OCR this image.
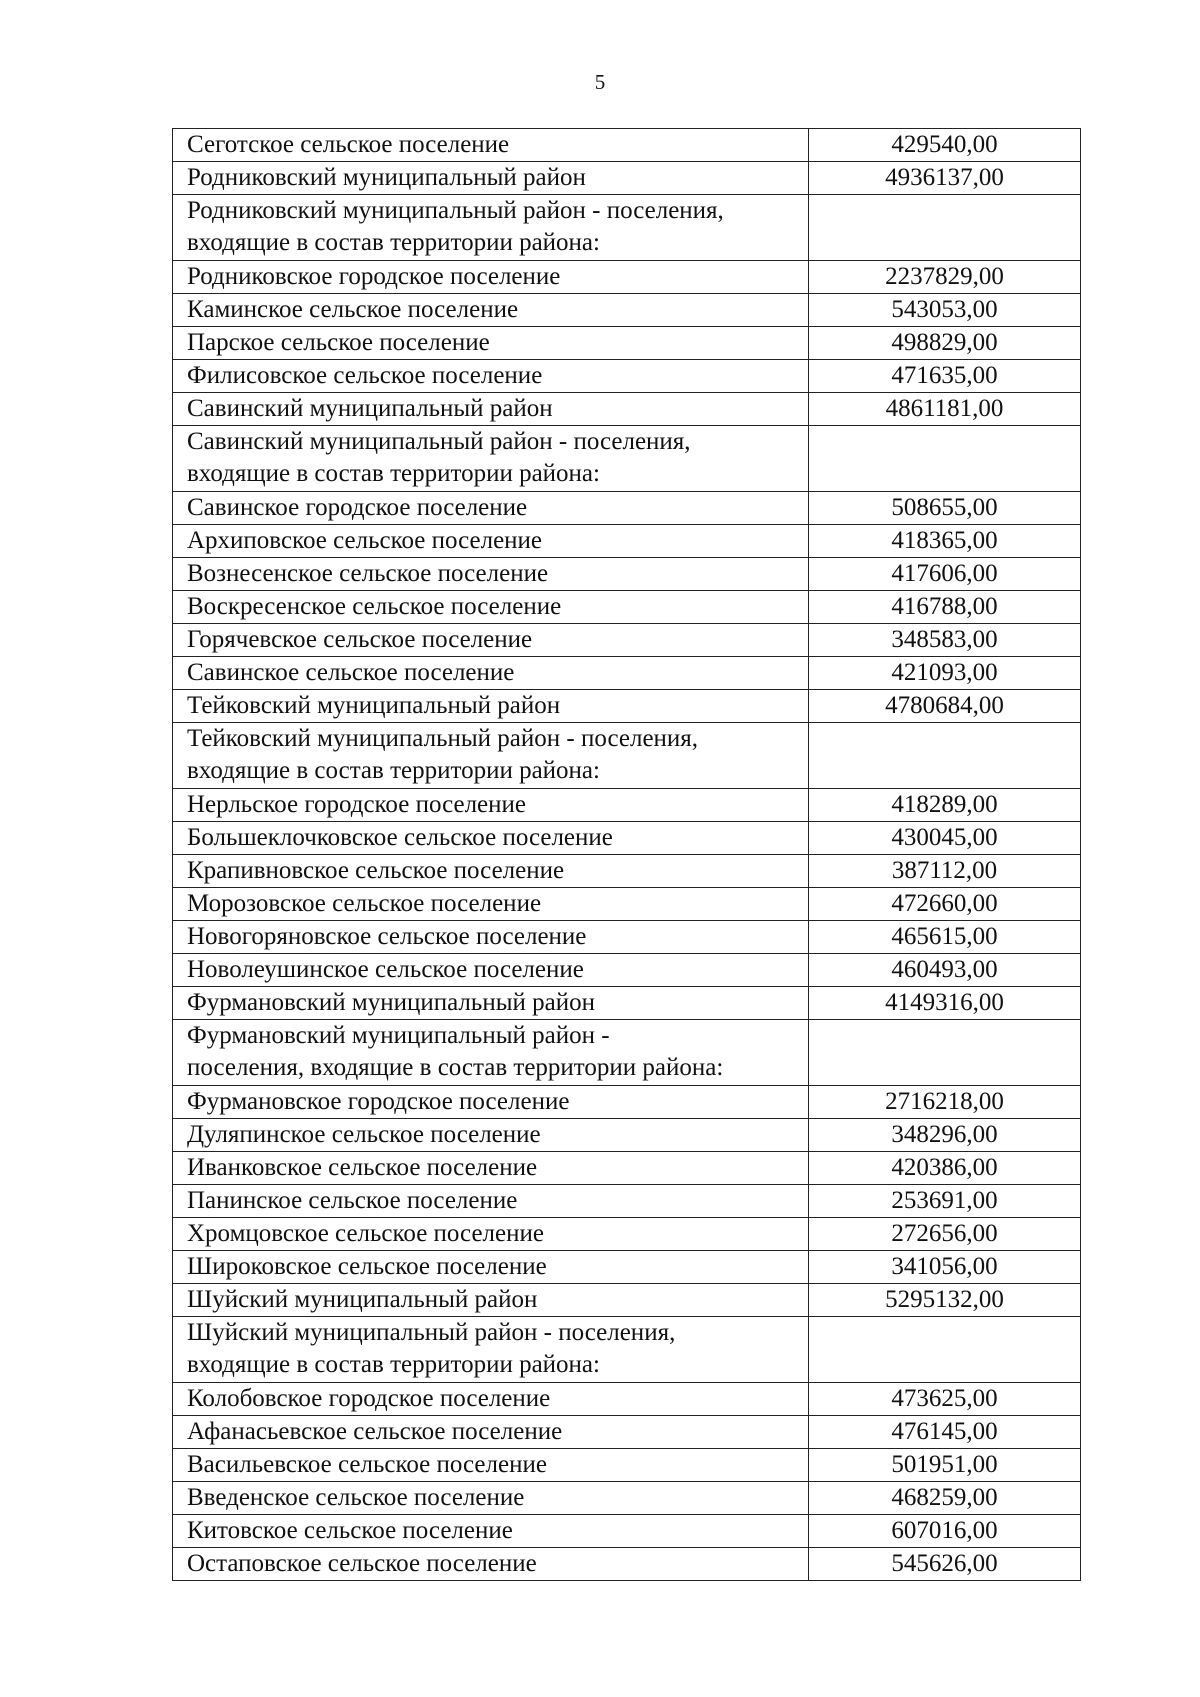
5
Сеготское сельское поселение	429540,00
Родниковский муниципальный район	4936137,00

Родниковский муниципальный район - поселения,
входящие в состав территории района:	

Родниковское городское поселение	2237829,00
Каминское сельское поселение	543053,00
Парское сельское поселение	498829,00
Филисовское сельское поселение	471635,00
Савинский муниципальный район	4861181,00

Савинский муниципальный район - поселения,
входящие в состав территории района:	

Савинское городское поселение	508655,00
Архиповское сельское поселение	418365,00
Вознесенское сельское поселение	417606,00
Воскресенское сельское поселение	416788,00
Горячевское сельское поселение	348583,00
Савинское сельское поселение	421093,00
Тейковский муниципальный район	4780684,00

Тейковский муниципальный район - поселения,
входящие в состав территории района:	

Нерльское городское поселение	418289,00
Большеклочковское сельское поселение	430045,00
Крапивновское сельское поселение	387112,00
Морозовское сельское поселение	472660,00
Новогоряновское сельское поселение	465615,00
Новолеушинское сельское поселение	460493,00
Фурмановский муниципальный район	4149316,00

Фурмановский муниципальный район -
поселения, входящие в состав территории района:	

Фурмановское городское поселение	2716218,00
Дуляпинское сельское поселение	348296,00
Иванковское сельское поселение	420386,00
Панинское сельское поселение	253691,00
Хромцовское сельское поселение	272656,00
Широковское сельское поселение	341056,00
Шуйский муниципальный район	5295132,00

Шуйский муниципальный район - поселения,
входящие в состав территории района:	

Колобовское городское поселение	473625,00
Афанасьевское сельское поселение	476145,00
Васильевское сельское поселение	501951,00
Введенское сельское поселение	468259,00
Китовское сельское поселение	607016,00
Остаповское сельское поселение	545626,00
